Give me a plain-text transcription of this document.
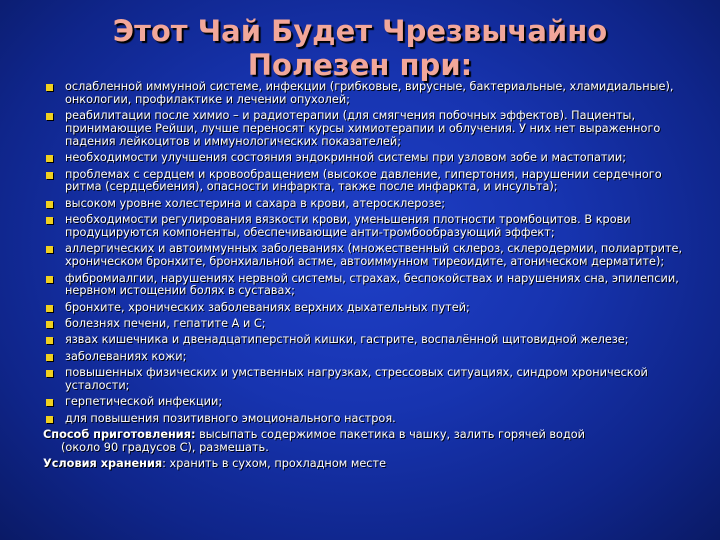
Этот Чай Будет Чрезвычайно Полезен при:
ослабленной иммунной системе, инфекции (грибковые, вирусные, бактериальные, хламидиальные), онкологии, профилактике и лечении опухолей;
реабилитации после химио – и радиотерапии (для смягчения побочных эффектов). Пациенты, принимающие Рейши, лучше переносят курсы химиотерапии и облучения. У них нет выраженного падения лейкоцитов и иммунологических показателей;
необходимости улучшения состояния эндокринной системы при узловом зобе и мастопатии;
проблемах с сердцем и кровообращением (высокое давление, гипертония, нарушении сердечного ритма (сердцебиения), опасности инфаркта, также после инфаркта, и инсульта);
высоком уровне холестерина и сахара в крови, атеросклерозе;
необходимости регулирования вязкости крови, уменьшения плотности тромбоцитов. В крови продуцируются компоненты, обеспечивающие анти-тромбообразующий эффект;
аллергических и автоиммунных заболеваниях (множественный склероз, склеродермии, полиартрите, хроническом бронхите, бронхиальной астме, автоиммунном тиреоидите, атоническом дерматите);
фибромиалгии, нарушениях нервной системы, страхах, беспокойствах и нарушениях сна, эпилепсии, нервном истощении болях в суставах;
бронхите, хронических заболеваниях верхних дыхательных путей;
болезнях печени, гепатите А и С;
язвах кишечника и двенадцатиперстной кишки, гастрите, воспалённой щитовидной железе;
заболеваниях кожи;
повышенных физических и умственных нагрузках, стрессовых ситуациях, синдром хронической усталости;
герпетической инфекции;
для повышения позитивного эмоционального настроя.
Способ приготовления: высыпать содержимое пакетика в чашку, залить горячей водой
(около 90 градусов С), размешать.
Условия хранения: хранить в сухом, прохладном месте
